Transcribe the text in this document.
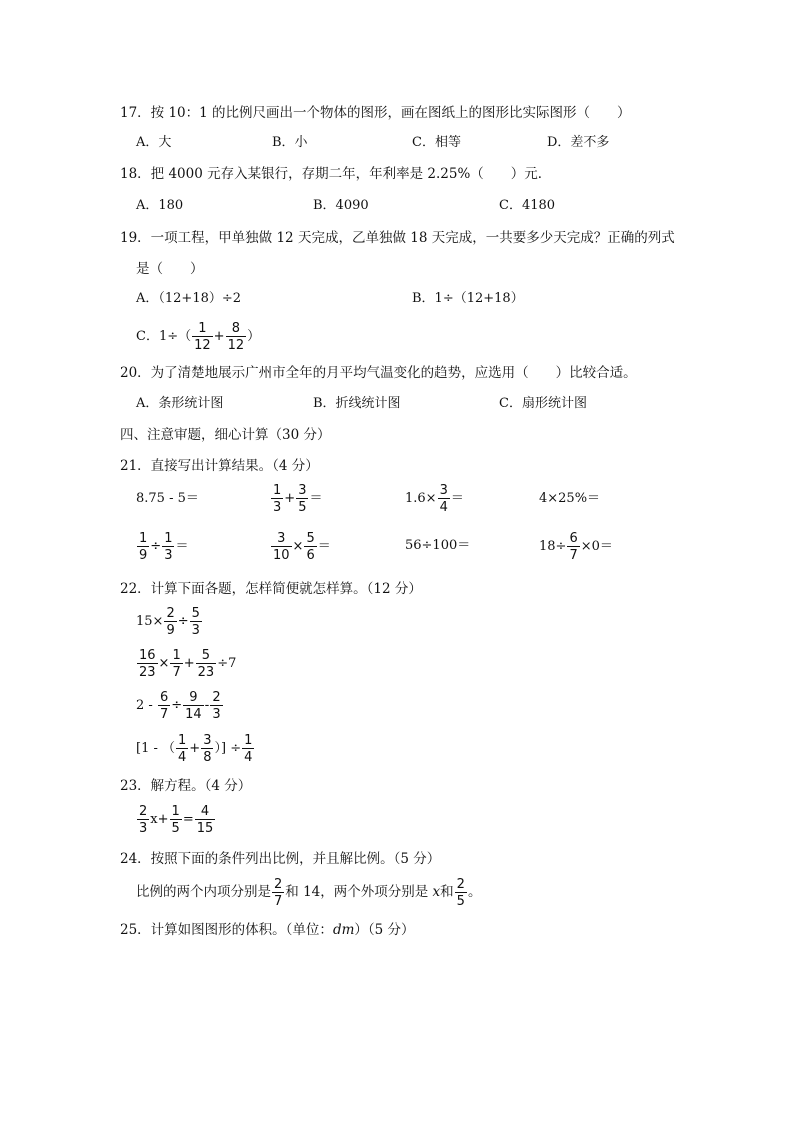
17．按 10：1 的比例尺画出一个物体的图形，画在图纸上的图形比实际图形（　　）
A．大	B．小	C．相等	D．差不多
18．把 4000 元存入某银行，存期二年，年利率是 2.25%（　　）元．
A．180	B．4090	C．4180
19．一项工程，甲单独做 12 天完成，乙单独做 18 天完成，一共要多少天完成？正确的列式
是（　　）
A．（12+18）÷2	B．1÷（12+18）
C．$1\div( \frac{1}{12} + \frac{8}{12}$ ）
20．为了清楚地展示广州市全年的月平均气温变化的趋势，应选用（　　）比较合适。
A．条形统计图	B．折线统计图	C．扇形统计图
四、注意审题，细心计算（30 分）
21．直接写出计算结果。（4 分）
8.75 - 5＝	$\frac{1}{3} + \frac{3}{5}$ ＝	$1.6\times \frac{3}{4}$ ＝	4×25%＝
$\frac{1}{9} \div \frac{1}{3}$ ＝	$\frac{3}{10} \times \frac{5}{6}$ ＝	56÷100＝	$18\div \frac{6}{7} \times 0=$
22．计算下面各题，怎样简便就怎样算。（12 分）
$15\times \frac{2}{9} \div \frac{5}{3}$
$\frac{16}{23} \times \frac{1}{7} + \frac{5}{23} \div 7$
$2 - \frac{6}{7} \div \frac{9}{14} - \frac{2}{3}$
[1 - （ $\frac{1}{4} + \frac{3}{8}$ ）] ÷ $\frac{1}{4}$
23．解方程。（4 分）
$\frac{2}{3} x+ \frac{1}{5} = \frac{4}{15}$
24．按照下面的条件列出比例，并且解比例。（5 分）
比例的两个内项分别是 $\frac{2}{7}$ 和 14，两个外项分别是 x和 $\frac{2}{5}$ 。
25．计算如图图形的体积。（单位：dm）（5 分）
